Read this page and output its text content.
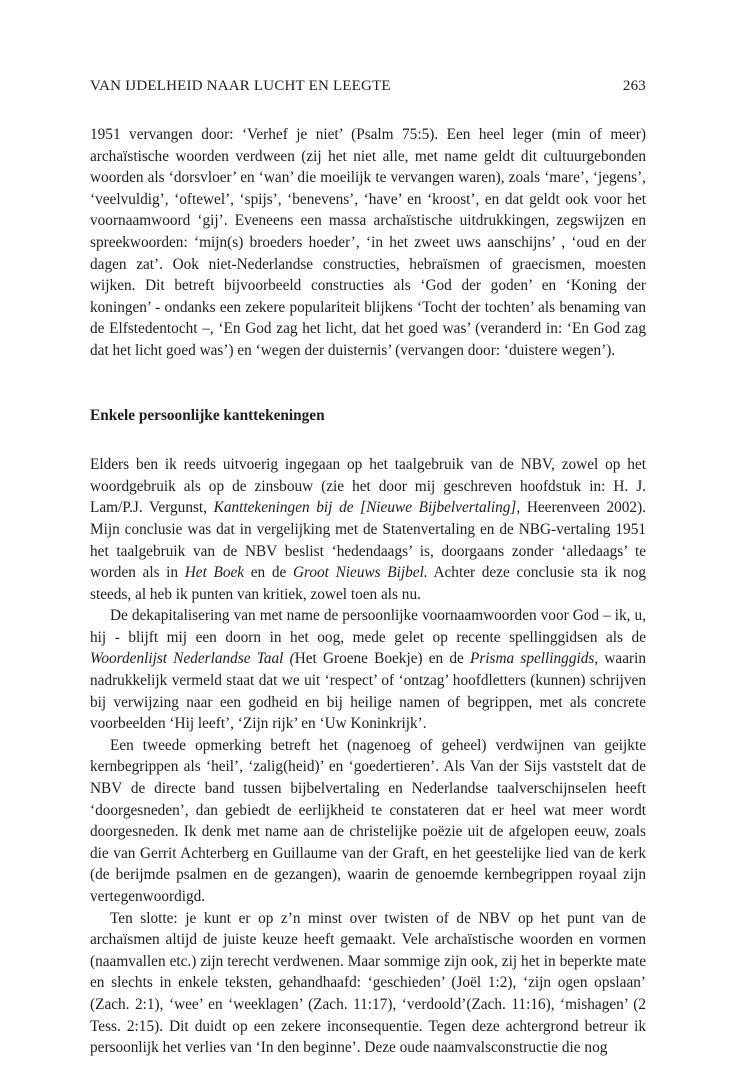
VAN IJDELHEID NAAR LUCHT EN LEEGTE	263

1951 vervangen door: ‘Verhef je niet’ (Psalm 75:5). Een heel leger (min of meer) archaïstische woorden verdween (zij het niet alle, met name geldt dit cultuurgebonden woorden als ‘dorsvloer’ en ‘wan’ die moeilijk te vervangen waren), zoals ‘mare’, ‘jegens’, ‘veelvuldig’, ‘oftewel’, ‘spijs’, ‘benevens’, ‘have’ en ‘kroost’, en dat geldt ook voor het voornaamwoord ‘gij’. Eveneens een massa archaïstische uitdrukkingen, zegswijzen en spreekwoorden: ‘mijn(s) broeders hoeder’, ‘in het zweet uws aanschijns’ , ‘oud en der dagen zat’. Ook niet-Nederlandse constructies, hebraïsmen of graecismen, moesten wijken. Dit betreft bijvoorbeeld constructies als ‘God der goden’ en ‘Koning der koningen’ - ondanks een zekere populariteit blijkens ‘Tocht der tochten’ als benaming van de Elfstedentocht –, ‘En God zag het licht, dat het goed was’ (veranderd in: ‘En God zag dat het licht goed was’) en ‘wegen der duisternis’ (vervangen door: ‘duistere wegen’).

Enkele persoonlijke kanttekeningen

Elders ben ik reeds uitvoerig ingegaan op het taalgebruik van de NBV, zowel op het woordgebruik als op de zinsbouw (zie het door mij geschreven hoofdstuk in: H. J. Lam/P.J. Vergunst, Kanttekeningen bij de [Nieuwe Bijbelvertaling], Heerenveen 2002). Mijn conclusie was dat in vergelijking met de Statenvertaling en de NBG-vertaling 1951 het taalgebruik van de NBV beslist ‘hedendaags’ is, doorgaans zonder ‘alledaags’ te worden als in Het Boek en de Groot Nieuws Bijbel. Achter deze conclusie sta ik nog steeds, al heb ik punten van kritiek, zowel toen als nu.

De dekapitalisering van met name de persoonlijke voornaamwoorden voor God – ik, u, hij - blijft mij een doorn in het oog, mede gelet op recente spellinggidsen als de Woordenlijst Nederlandse Taal (Het Groene Boekje) en de Prisma spellinggids, waarin nadrukkelijk vermeld staat dat we uit ‘respect’ of ‘ontzag’ hoofdletters (kunnen) schrijven bij verwijzing naar een godheid en bij heilige namen of begrippen, met als concrete voorbeelden ‘Hij leeft’, ‘Zijn rijk’ en ‘Uw Koninkrijk’.

Een tweede opmerking betreft het (nagenoeg of geheel) verdwijnen van geijkte kernbegrippen als ‘heil’, ‘zalig(heid)’ en ‘goedertieren’. Als Van der Sijs vaststelt dat de NBV de directe band tussen bijbelvertaling en Nederlandse taalverschijnselen heeft ‘doorgesneden’, dan gebiedt de eerlijkheid te constateren dat er heel wat meer wordt doorgesneden. Ik denk met name aan de christelijke poëzie uit de afgelopen eeuw, zoals die van Gerrit Achterberg en Guillaume van der Graft, en het geestelijke lied van de kerk (de berijmde psalmen en de gezangen), waarin de genoemde kernbegrippen royaal zijn vertegenwoordigd.

Ten slotte: je kunt er op z’n minst over twisten of de NBV op het punt van de archaïsmen altijd de juiste keuze heeft gemaakt. Vele archaïstische woorden en vormen (naamvallen etc.) zijn terecht verdwenen. Maar sommige zijn ook, zij het in beperkte mate en slechts in enkele teksten, gehandhaafd: ‘geschieden’ (Joël 1:2), ‘zijn ogen opslaan’ (Zach. 2:1), ‘wee’ en ‘weeklagen’ (Zach. 11:17), ‘verdoold’(Zach. 11:16), ‘mishagen’ (2 Tess. 2:15). Dit duidt op een zekere inconsequentie. Tegen deze achtergrond betreur ik persoonlijk het verlies van ‘In den beginne’. Deze oude naamvalsconstructie die nog
